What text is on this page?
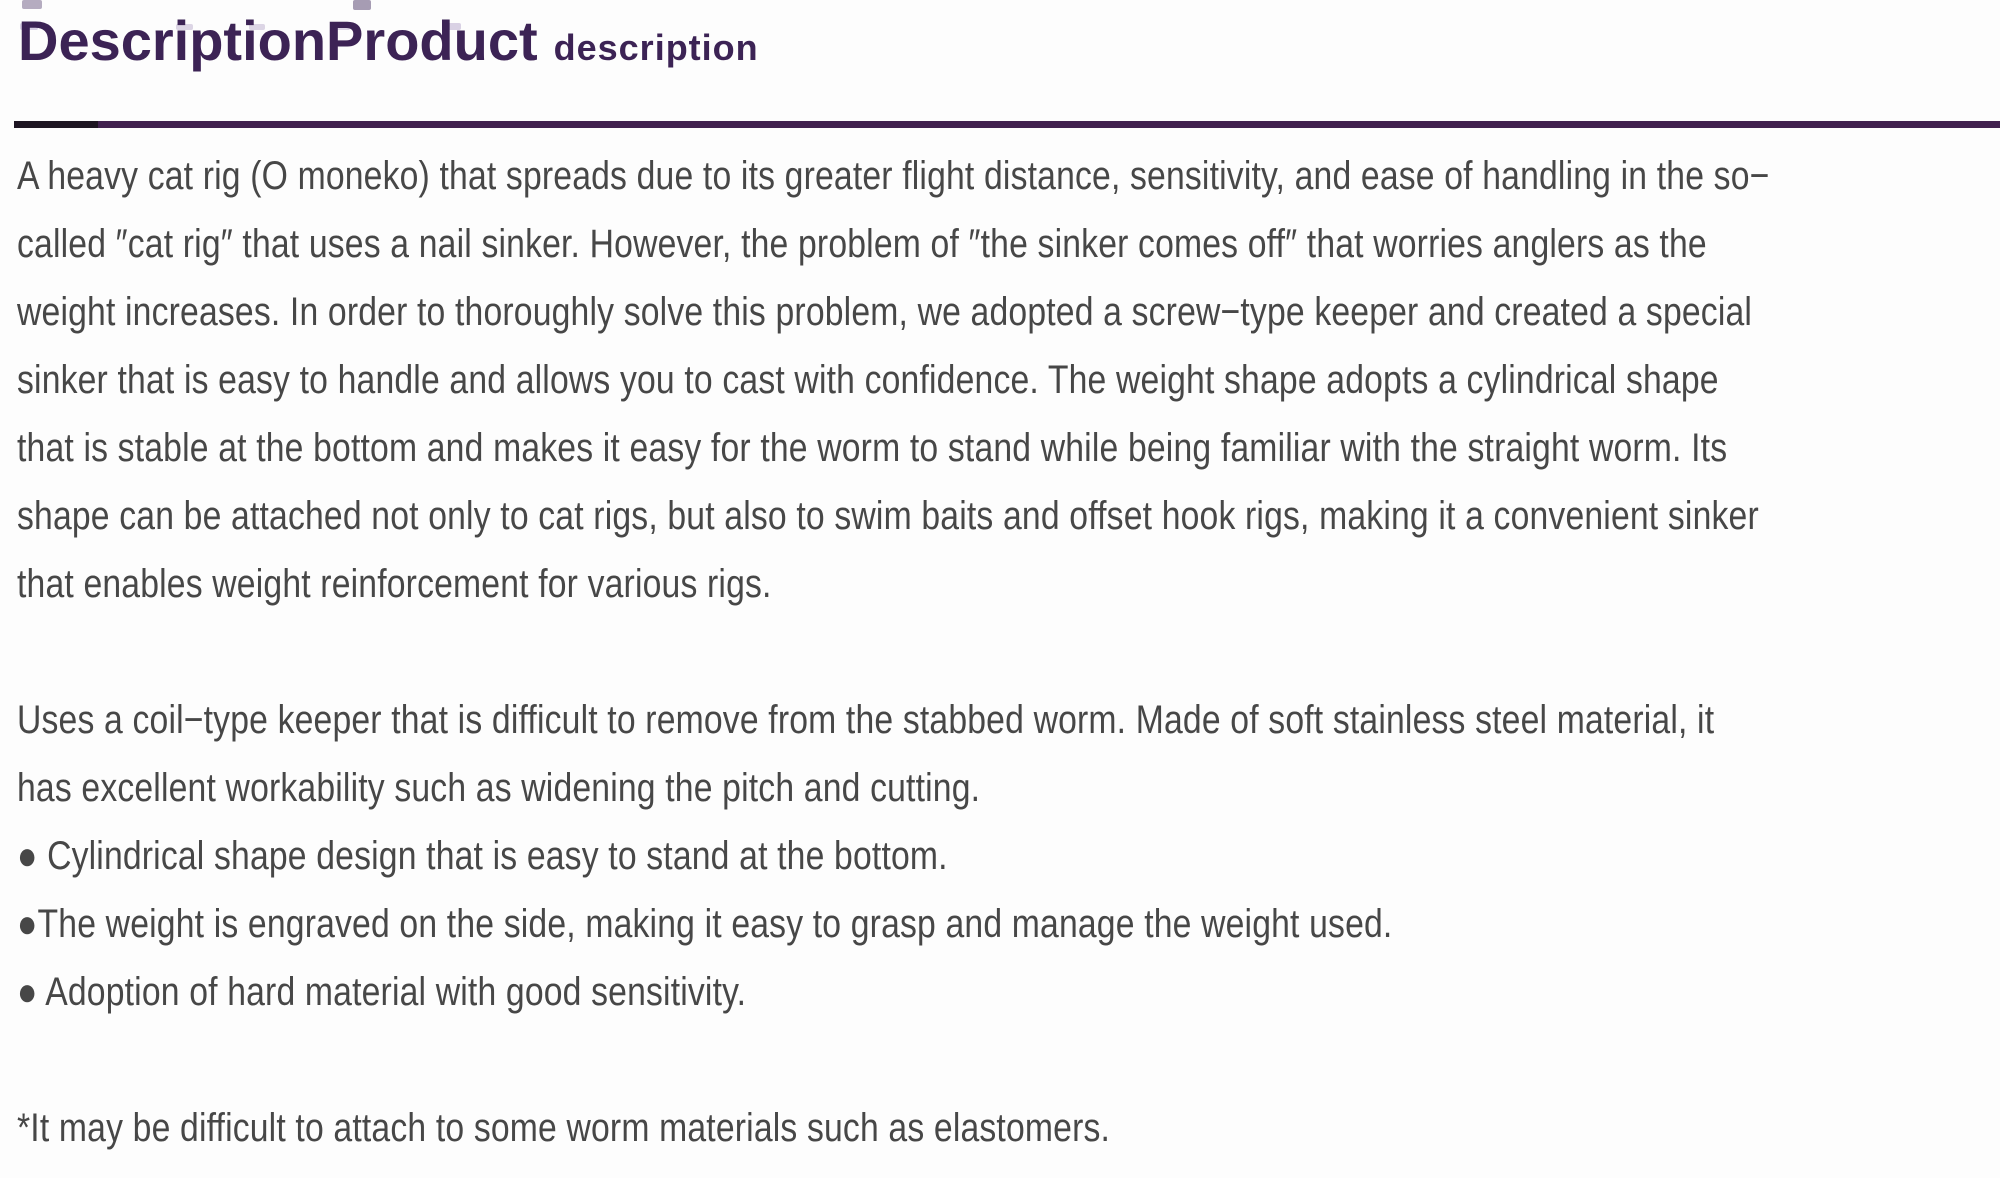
DescriptionProduct description
A heavy cat rig (O moneko) that spreads due to its greater flight distance, sensitivity, and ease of handling in the so−
called ″cat rig″ that uses a nail sinker. However, the problem of ″the sinker comes off″ that worries anglers as the
weight increases. In order to thoroughly solve this problem, we adopted a screw−type keeper and created a special
sinker that is easy to handle and allows you to cast with confidence. The weight shape adopts a cylindrical shape
that is stable at the bottom and makes it easy for the worm to stand while being familiar with the straight worm. Its
shape can be attached not only to cat rigs, but also to swim baits and offset hook rigs, making it a convenient sinker
that enables weight reinforcement for various rigs.
Uses a coil−type keeper that is difficult to remove from the stabbed worm. Made of soft stainless steel material, it
has excellent workability such as widening the pitch and cutting.
● Cylindrical shape design that is easy to stand at the bottom.
●The weight is engraved on the side, making it easy to grasp and manage the weight used.
● Adoption of hard material with good sensitivity.
*It may be difficult to attach to some worm materials such as elastomers.
